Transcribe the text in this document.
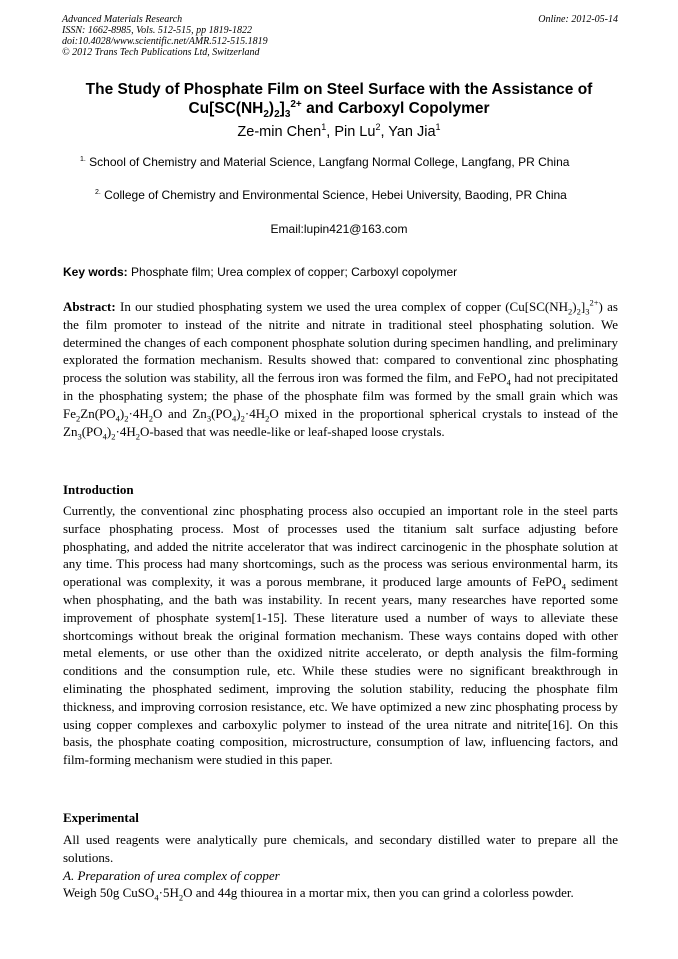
Advanced Materials Research
ISSN: 1662-8985, Vols. 512-515, pp 1819-1822
doi:10.4028/www.scientific.net/AMR.512-515.1819
© 2012 Trans Tech Publications Ltd, Switzerland
Online: 2012-05-14
The Study of Phosphate Film on Steel Surface with the Assistance of
$Cu[SC(NH_2)_2]_3^{2+}$ and Carboxyl Copolymer
Ze-min Chen$^1$, Pin Lu$^2$, Yan Jia$^1$
$^{1.}$ School of Chemistry and Material Science, Langfang Normal College, Langfang, PR China
$^{2.}$ College of Chemistry and Environmental Science, Hebei University, Baoding, PR China
Email:lupin421@163.com
Key words: Phosphate film; Urea complex of copper; Carboxyl copolymer
Abstract: In our studied phosphating system we used the urea complex of copper $(Cu[SC(NH_2)_2]_3^{2+})$ as the film promoter to instead of the nitrite and nitrate in traditional steel phosphating solution. We determined the changes of each component phosphate solution during specimen handling, and preliminary explorated the formation mechanism. Results showed that: compared to conventional zinc phosphating process the solution was stability, all the ferrous iron was formed the film, and FePO$_4$ had not precipitated in the phosphating system; the phase of the phosphate film was formed by the small grain which was $Fe_2Zn(PO_4)_2\cdot 4H_2O$ and $Zn_3(PO_4)_2\cdot 4H_2O$ mixed in the proportional spherical crystals to instead of the $Zn_3(PO_4)_2\cdot 4H_2O$-based that was needle-like or leaf-shaped loose crystals.
Introduction
Currently, the conventional zinc phosphating process also occupied an important role in the steel parts surface phosphating process. Most of processes used the titanium salt surface adjusting before phosphating, and added the nitrite accelerator that was indirect carcinogenic in the phosphate solution at any time. This process had many shortcomings, such as the process was serious environmental harm, its operational was complexity, it was a porous membrane, it produced large amounts of FePO$_4$ sediment when phosphating, and the bath was instability. In recent years, many researches have reported some improvement of phosphate system[1-15]. These literature used a number of ways to alleviate these shortcomings without break the original formation mechanism. These ways contains doped with other metal elements, or use other than the oxidized nitrite accelerato, or depth analysis the film-forming conditions and the consumption rule, etc. While these studies were no significant breakthrough in eliminating the phosphated sediment, improving the solution stability, reducing the phosphate film thickness, and improving corrosion resistance, etc. We have optimized a new zinc phosphating process by using copper complexes and carboxylic polymer to instead of the urea nitrate and nitrite[16]. On this basis, the phosphate coating composition, microstructure, consumption of law, influencing factors, and film-forming mechanism were studied in this paper.
Experimental

All used reagents were analytically pure chemicals, and secondary distilled water to prepare all the solutions.

A. Preparation of urea complex of copper

Weigh 50g $CuSO_4\cdot 5H_2O$ and 44g thiourea in a mortar mix, then you can grind a colorless powder.
